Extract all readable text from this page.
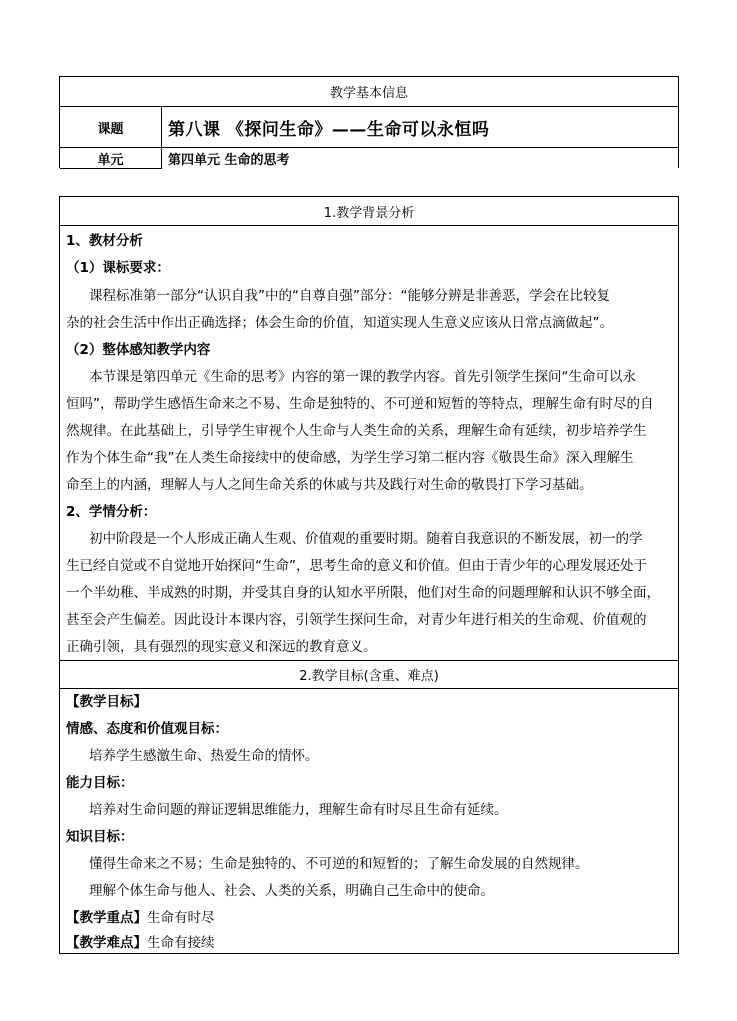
教学基本信息
课题	第八课 《探问生命》——生命可以永恒吗
单元	第四单元 生命的思考
1.教学背景分析
1、教材分析
（1）课标要求：
课程标准第一部分“认识自我”中的“自尊自强”部分：“能够分辨是非善恶，学会在比较复
杂的社会生活中作出正确选择；体会生命的价值，知道实现人生意义应该从日常点滴做起”。
（2）整体感知教学内容
本节课是第四单元《生命的思考》内容的第一课的教学内容。首先引领学生探问“生命可以永
恒吗”，帮助学生感悟生命来之不易、生命是独特的、不可逆和短暂的等特点，理解生命有时尽的自
然规律。在此基础上，引导学生审视个人生命与人类生命的关系，理解生命有延续，初步培养学生
作为个体生命“我”在人类生命接续中的使命感，为学生学习第二框内容《敬畏生命》深入理解生
命至上的内涵，理解人与人之间生命关系的休戚与共及践行对生命的敬畏打下学习基础。
2、学情分析：
初中阶段是一个人形成正确人生观、价值观的重要时期。随着自我意识的不断发展，初一的学
生已经自觉或不自觉地开始探问“生命”，思考生命的意义和价值。但由于青少年的心理发展还处于
一个半幼稚、半成熟的时期，并受其自身的认知水平所限，他们对生命的问题理解和认识不够全面，
甚至会产生偏差。因此设计本课内容，引领学生探问生命，对青少年进行相关的生命观、价值观的
正确引领，具有强烈的现实意义和深远的教育意义。
2.教学目标(含重、难点)
【教学目标】
情感、态度和价值观目标：
培养学生感激生命、热爱生命的情怀。
能力目标：
培养对生命问题的辩证逻辑思维能力，理解生命有时尽且生命有延续。
知识目标：
懂得生命来之不易；生命是独特的、不可逆的和短暂的；了解生命发展的自然规律。
理解个体生命与他人、社会、人类的关系，明确自己生命中的使命。
【教学重点】生命有时尽
【教学难点】生命有接续
